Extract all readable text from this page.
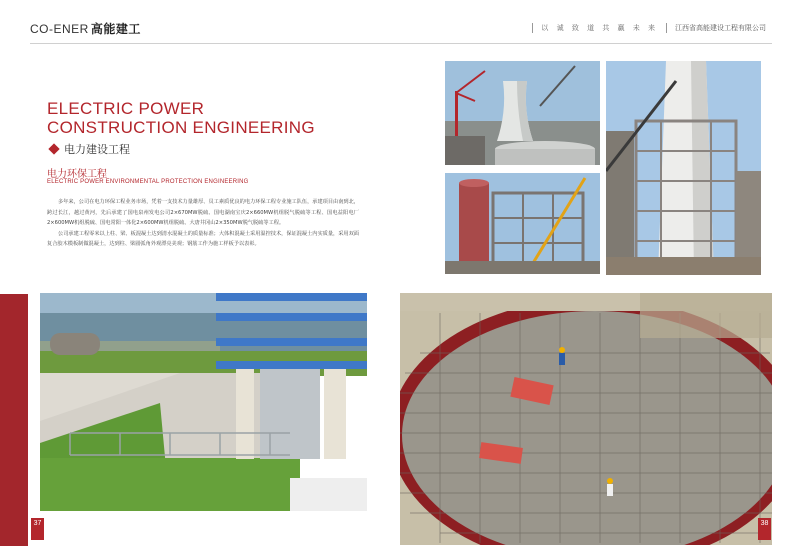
CO-ENER 高能建工	以 诚 致 道 共 赢 未 来 江西省高能建设工程有限公司
ELECTRIC POWER
CONSTRUCTION ENGINEERING
电力建设工程
电力环保工程
ELECTRIC POWER ENVIRONMENTAL PROTECTION ENGINEERING

多年来，公司在电力环保工程业务市场，凭着一支技术力量雄厚、员工素质优良的电力环保工程专业施工队伍，承建项目由南到北，跨过长江，越过黄河，先后承建了国电泉州发电公司2×670MW脱硫、国电湖南宝庆2×660MW机组脱气脱硫等工程、国电益阳电厂2×600MW机组脱硫、国电常阳一体化2×600MW机组脱硫、大唐井冈山2×350MW脱气脱硫等工程。

公司承建工程零米以上柱、梁、板混凝土达到清水混凝土的质量标准；大体积混凝土采用温控技术，保证混凝土内实质量，采用双面复合胶木模板制做混凝土，达到柱、梁圆弧角外观漂亮美观；钢筋工作为施工样板予以表彰。

37	38
